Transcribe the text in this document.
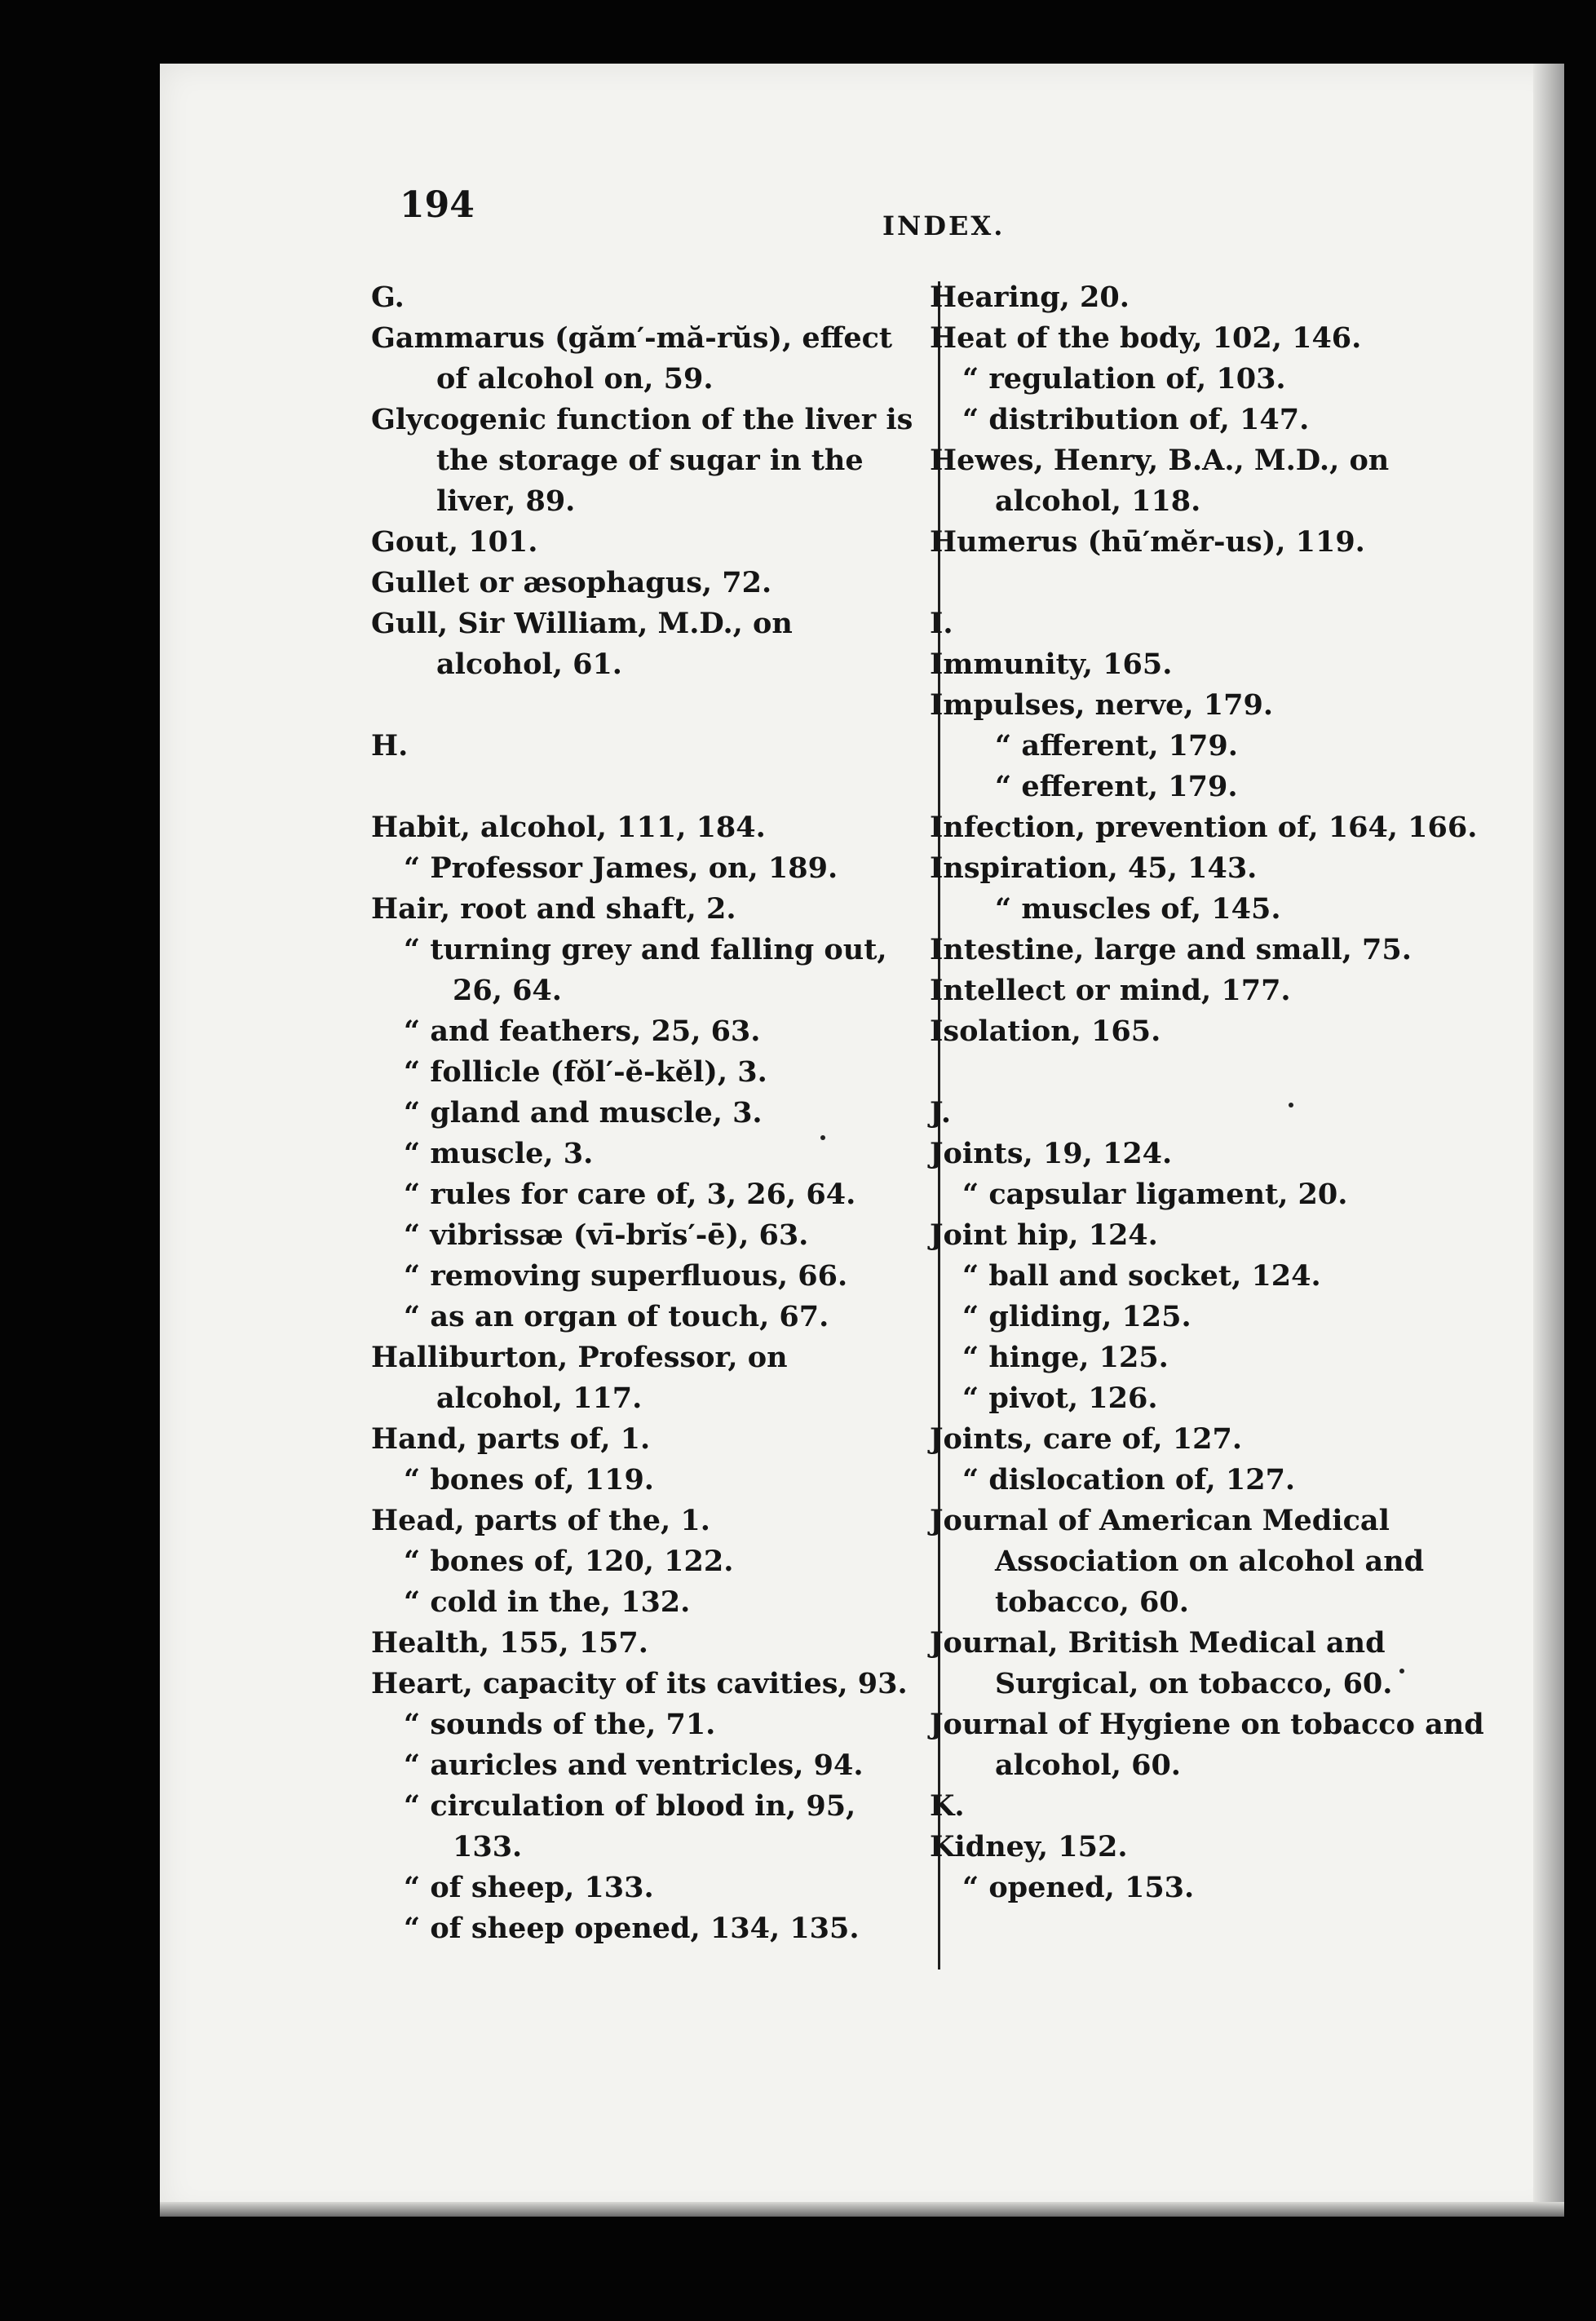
194	INDEX.
G.
Gammarus (găm′-mă-rŭs), effect of alcohol on, 59.
Glycogenic function of the liver is the storage of sugar in the liver, 89.
Gout, 101.
Gullet or æsophagus, 72.
Gull, Sir William, M.D., on alcohol, 61.
H.
Habit, alcohol, 111, 184.
“ Professor James, on, 189.
Hair, root and shaft, 2.
“ turning grey and falling out, 26, 64.
“ and feathers, 25, 63.
“ follicle (fŏl′-ĕ-kĕl), 3.
“ gland and muscle, 3.
“ muscle, 3.
“ rules for care of, 3, 26, 64.
“ vibrissæ (vī-brĭs′-ē), 63.
“ removing superfluous, 66.
“ as an organ of touch, 67.
Halliburton, Professor, on alcohol, 117.
Hand, parts of, 1.
“ bones of, 119.
Head, parts of the, 1.
“ bones of, 120, 122.
“ cold in the, 132.
Health, 155, 157.
Heart, capacity of its cavities, 93.
“ sounds of the, 71.
“ auricles and ventricles, 94.
“ circulation of blood in, 95, 133.
“ of sheep, 133.
“ of sheep opened, 134, 135.
Hearing, 20.
Heat of the body, 102, 146.
“ regulation of, 103.
“ distribution of, 147.
Hewes, Henry, B.A., M.D., on alcohol, 118.
Humerus (hū′mĕr-us), 119.
I.
Immunity, 165.
Impulses, nerve, 179.
“ afferent, 179.
“ efferent, 179.
Infection, prevention of, 164, 166.
Inspiration, 45, 143.
“ muscles of, 145.
Intestine, large and small, 75.
Intellect or mind, 177.
Isolation, 165.
J.
Joints, 19, 124.
“ capsular ligament, 20.
Joint hip, 124.
“ ball and socket, 124.
“ gliding, 125.
“ hinge, 125.
“ pivot, 126.
Joints, care of, 127.
“ dislocation of, 127.
Journal of American Medical Association on alcohol and tobacco, 60.
Journal, British Medical and Surgical, on tobacco, 60.
Journal of Hygiene on tobacco and alcohol, 60.
K.
Kidney, 152.
“ opened, 153.
